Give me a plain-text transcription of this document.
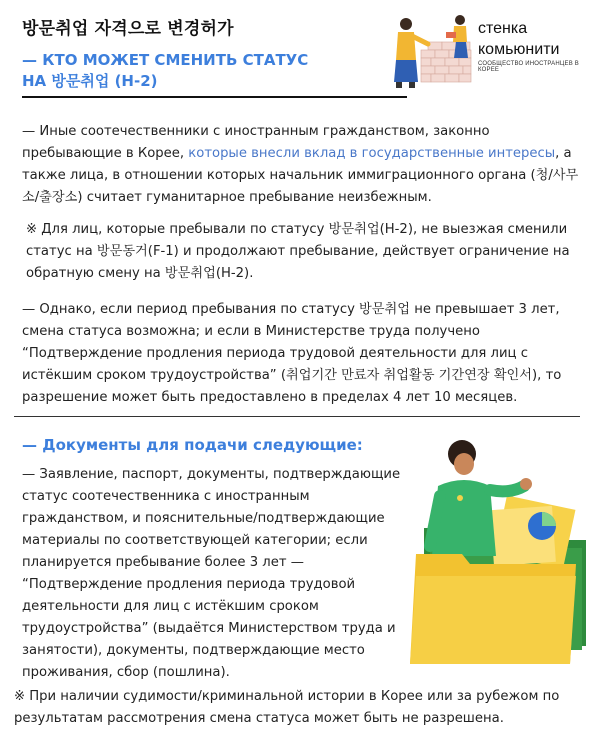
방문취업 자격으로 변경허가
— КТО МОЖЕТ СМЕНИТЬ СТАТУС
НА 방문취업 (Н-2)
стенка
комьюнити
СООБЩЕСТВО ИНОСТРАНЦЕВ В КОРЕЕ
— Иные соотечественники с иностранным гражданством, законно пребывающие в Корее, которые внесли вклад в государственные интересы, а также лица, в отношении которых начальник иммиграционного органа (청/사무소/출장소) считает гуманитарное пребывание неизбежным.
※ Для лиц, которые пребывали по статусу 방문취업(H-2), не выезжая сменили статус на 방문동거(F-1) и продолжают пребывание, действует ограничение на обратную смену на 방문취업(H-2).
— Однако, если период пребывания по статусу 방문취업 не превышает 3 лет, смена статуса возможна; и если в Министерстве труда получено “Подтверждение продления периода трудовой деятельности для лиц с истёкшим сроком трудоустройства” (취업기간 만료자 취업활동 기간연장 확인서), то разрешение может быть предоставлено в пределах 4 лет 10 месяцев.
— Документы для подачи следующие:
— Заявление, паспорт, документы, подтверждающие статус соотечественника с иностранным гражданством, и пояснительные/подтверждающие материалы по соответствующей категории; если планируется пребывание более 3 лет — “Подтверждение продления периода трудовой деятельности для лиц с истёкшим сроком трудоустройства” (выдаётся Министерством труда и занятости), документы, подтверждающие место проживания, сбор (пошлина).
※ При наличии судимости/криминальной истории в Корее или за рубежом по результатам рассмотрения смена статуса может быть не разрешена.
